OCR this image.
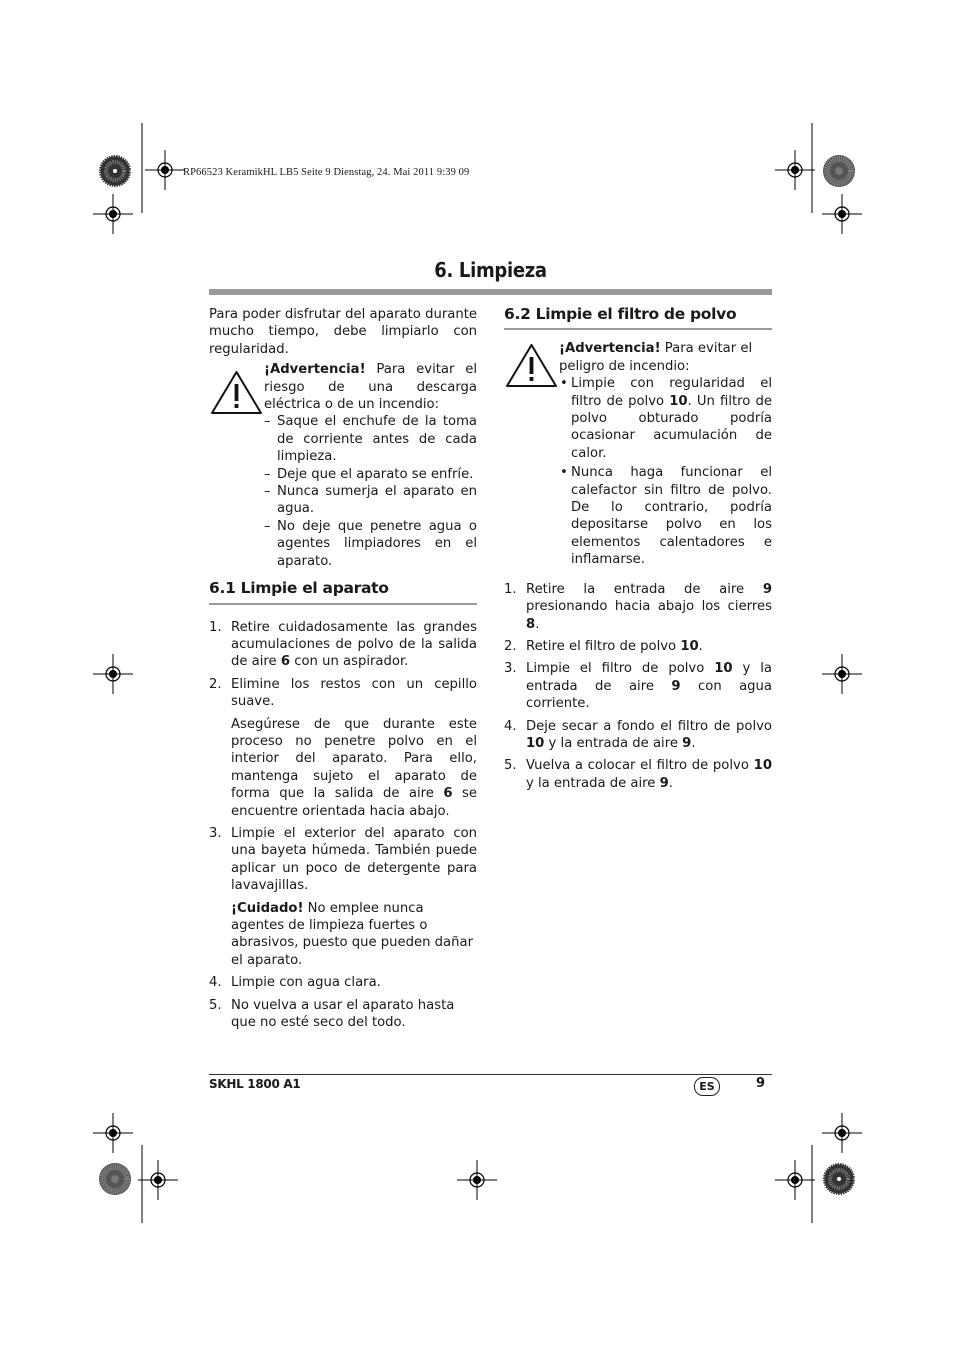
RP66523 KeramikHL LB5 Seite 9 Dienstag, 24. Mai 2011 9:39 09
6. Limpieza

Para poder disfrutar del aparato durante mucho tiempo, debe limpiarlo con regularidad.

¡Advertencia! Para evitar el riesgo de una descarga eléctrica o de un incendio:

– Saque el enchufe de la toma de corriente antes de cada limpieza.
– Deje que el aparato se enfríe.
– Nunca sumerja el aparato en agua.
– No deje que penetre agua o agentes limpiadores en el aparato.
6.1 Limpie el aparato
1. Retire cuidadosamente las grandes acumulaciones de polvo de la salida de aire 6 con un aspirador.

2. Elimine los restos con un cepillo suave.

Asegúrese de que durante este proceso no penetre polvo en el interior del aparato. Para ello, mantenga sujeto el aparato de forma que la salida de aire 6 se encuentre orientada hacia abajo.

3. Limpie el exterior del aparato con una bayeta húmeda. También puede aplicar un poco de detergente para lavavajillas.

¡Cuidado! No emplee nunca agentes de limpieza fuertes o abrasivos, puesto que pueden dañar el aparato.

4. Limpie con agua clara.

5. No vuelva a usar el aparato hasta que no esté seco del todo.

6.2 Limpie el filtro de polvo

¡Advertencia! Para evitar el peligro de incendio:

• Limpie con regularidad el filtro de polvo 10. Un filtro de polvo obturado podría ocasionar acumulación de calor.
• Nunca haga funcionar el calefactor sin filtro de polvo. De lo contrario, podría depositarse polvo en los elementos calentadores e inflamarse.
1. Retire la entrada de aire 9 presionando hacia abajo los cierres 8.

2. Retire el filtro de polvo 10.

3. Limpie el filtro de polvo 10 y la entrada de aire 9 con agua corriente.

4. Deje secar a fondo el filtro de polvo 10 y la entrada de aire 9.

5. Vuelva a colocar el filtro de polvo 10 y la entrada de aire 9.

SKHL 1800 A1	ES	9
